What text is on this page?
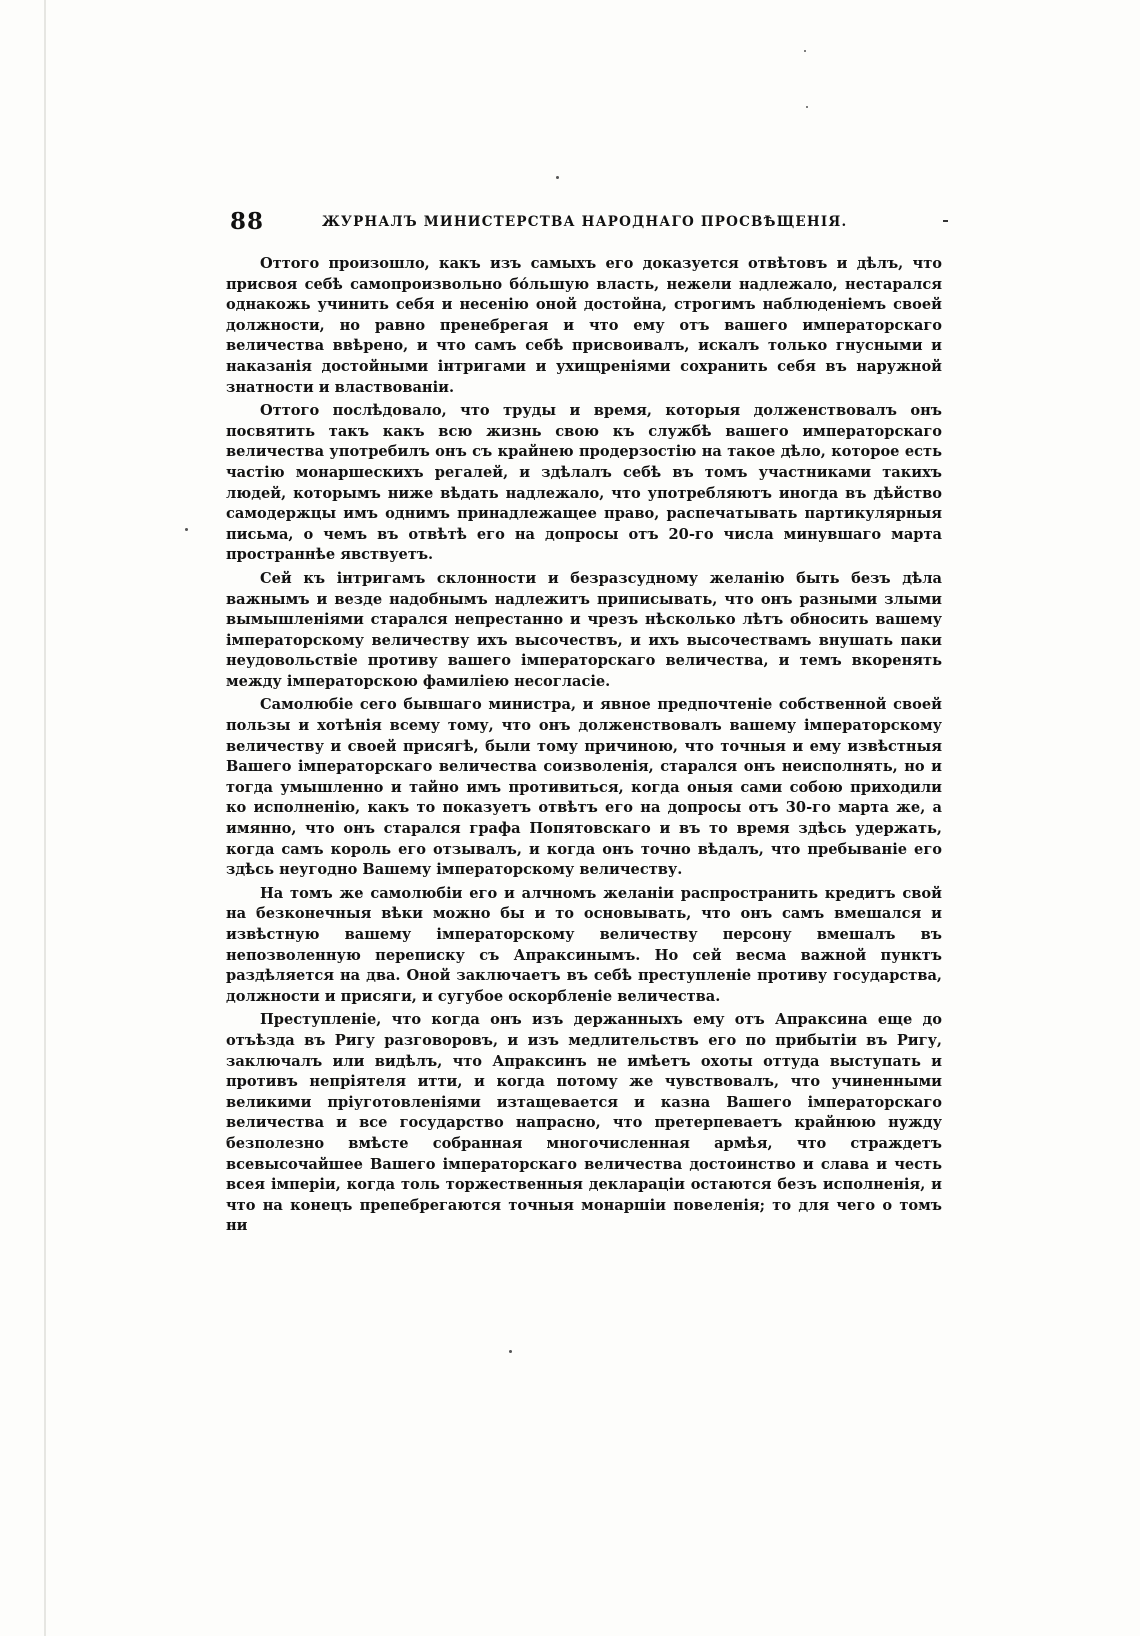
88	ЖУРНАЛЪ МИНИСТЕРСТВА НАРОДНАГО ПРОСВѢЩЕНІЯ.

Оттого произошло, какъ изъ самыхъ его доказуется отвѣтовъ и дѣлъ, что присвоя себѣ самопроизвольно бо́льшую власть, нежели надлежало, нестарался однакожь учинить себя и несенію оной достойна, строгимъ наблюденіемъ своей должности, но равно пренебрегая и что ему отъ вашего императорскаго величества ввѣрено, и что самъ себѣ присвоивалъ, искалъ только гнусными и наказанія достойными інтригами и ухищреніями сохранить себя въ наружной знатности и властвованіи.

Оттого послѣдовало, что труды и время, которыя долженствовалъ онъ посвятить такъ какъ всю жизнь свою къ службѣ вашего императорскаго величества употребилъ онъ съ крайнею продерзостію на такое дѣло, которое есть частію монаршескихъ регалей, и здѣлалъ себѣ въ томъ участниками такихъ людей, которымъ ниже вѣдать надлежало, что употребляютъ иногда въ дѣйство самодержцы имъ однимъ принадлежащее право, распечатывать партикулярныя письма, о чемъ въ отвѣтѣ его на допросы отъ 20-го числа минувшаго марта пространнѣе явствуетъ.

Сей къ інтригамъ склонности и безразсудному желанію быть безъ дѣла важнымъ и везде надобнымъ надлежитъ приписывать, что онъ разными злыми вымышленіями старался непрестанно и чрезъ нѣсколько лѣтъ обносить вашему імператорскому величеству ихъ высочествъ, и ихъ высочествамъ внушать паки неудовольствіе противу вашего імператорскаго величества, и темъ вкоренять между імператорскою фамиліею несогласіе.

Самолюбіе сего бывшаго министра, и явное предпочтеніе собственной своей пользы и хотѣнія всему тому, что онъ долженствовалъ вашему імператорскому величеству и своей присягѣ, были тому причиною, что точныя и ему извѣстныя Вашего імператорскаго величества соизволенія, старался онъ неисполнять, но и тогда умышленно и тайно имъ противиться, когда оныя сами собою приходили ко исполненію, какъ то показуетъ отвѣтъ его на допросы отъ 30-го марта же, а имянно, что онъ старался графа Попятовскаго и въ то время здѣсь удержать, когда самъ король его отзывалъ, и когда онъ точно вѣдалъ, что пребываніе его здѣсь неугодно Вашему імператорскому величеству.

На томъ же самолюбіи его и алчномъ желаніи распространить кредитъ свой на безконечныя вѣки можно бы и то основывать, что онъ самъ вмешался и извѣстную вашему імператорскому величеству персону вмешалъ въ непозволенную переписку съ Апраксинымъ. Но сей весма важной пунктъ раздѣляется на два. Оной заключаетъ въ себѣ преступленіе противу государства, должности и присяги, и сугубое оскорбленіе величества.

Преступленіе, что когда онъ изъ держанныхъ ему отъ Апраксина еще до отъѣзда въ Ригу разговоровъ, и изъ медлительствъ его по прибытіи въ Ригу, заключалъ или видѣлъ, что Апраксинъ не имѣетъ охоты оттуда выступать и противъ непріятеля итти, и когда потому же чувствовалъ, что учиненными великими пріуготовленіями изтащевается и казна Вашего імператорскаго величества и все государство напрасно, что претерпеваетъ крайнюю нужду безполезно вмѣсте собранная многочисленная армѣя, что страждетъ всевысочайшее Вашего імператорскаго величества достоинство и слава и честь всея імперіи, когда толь торжественныя декларацiи остаются безъ исполненія, и что на конецъ препебрегаются точныя монаршіи повеленія; то для чего о томъ ни
